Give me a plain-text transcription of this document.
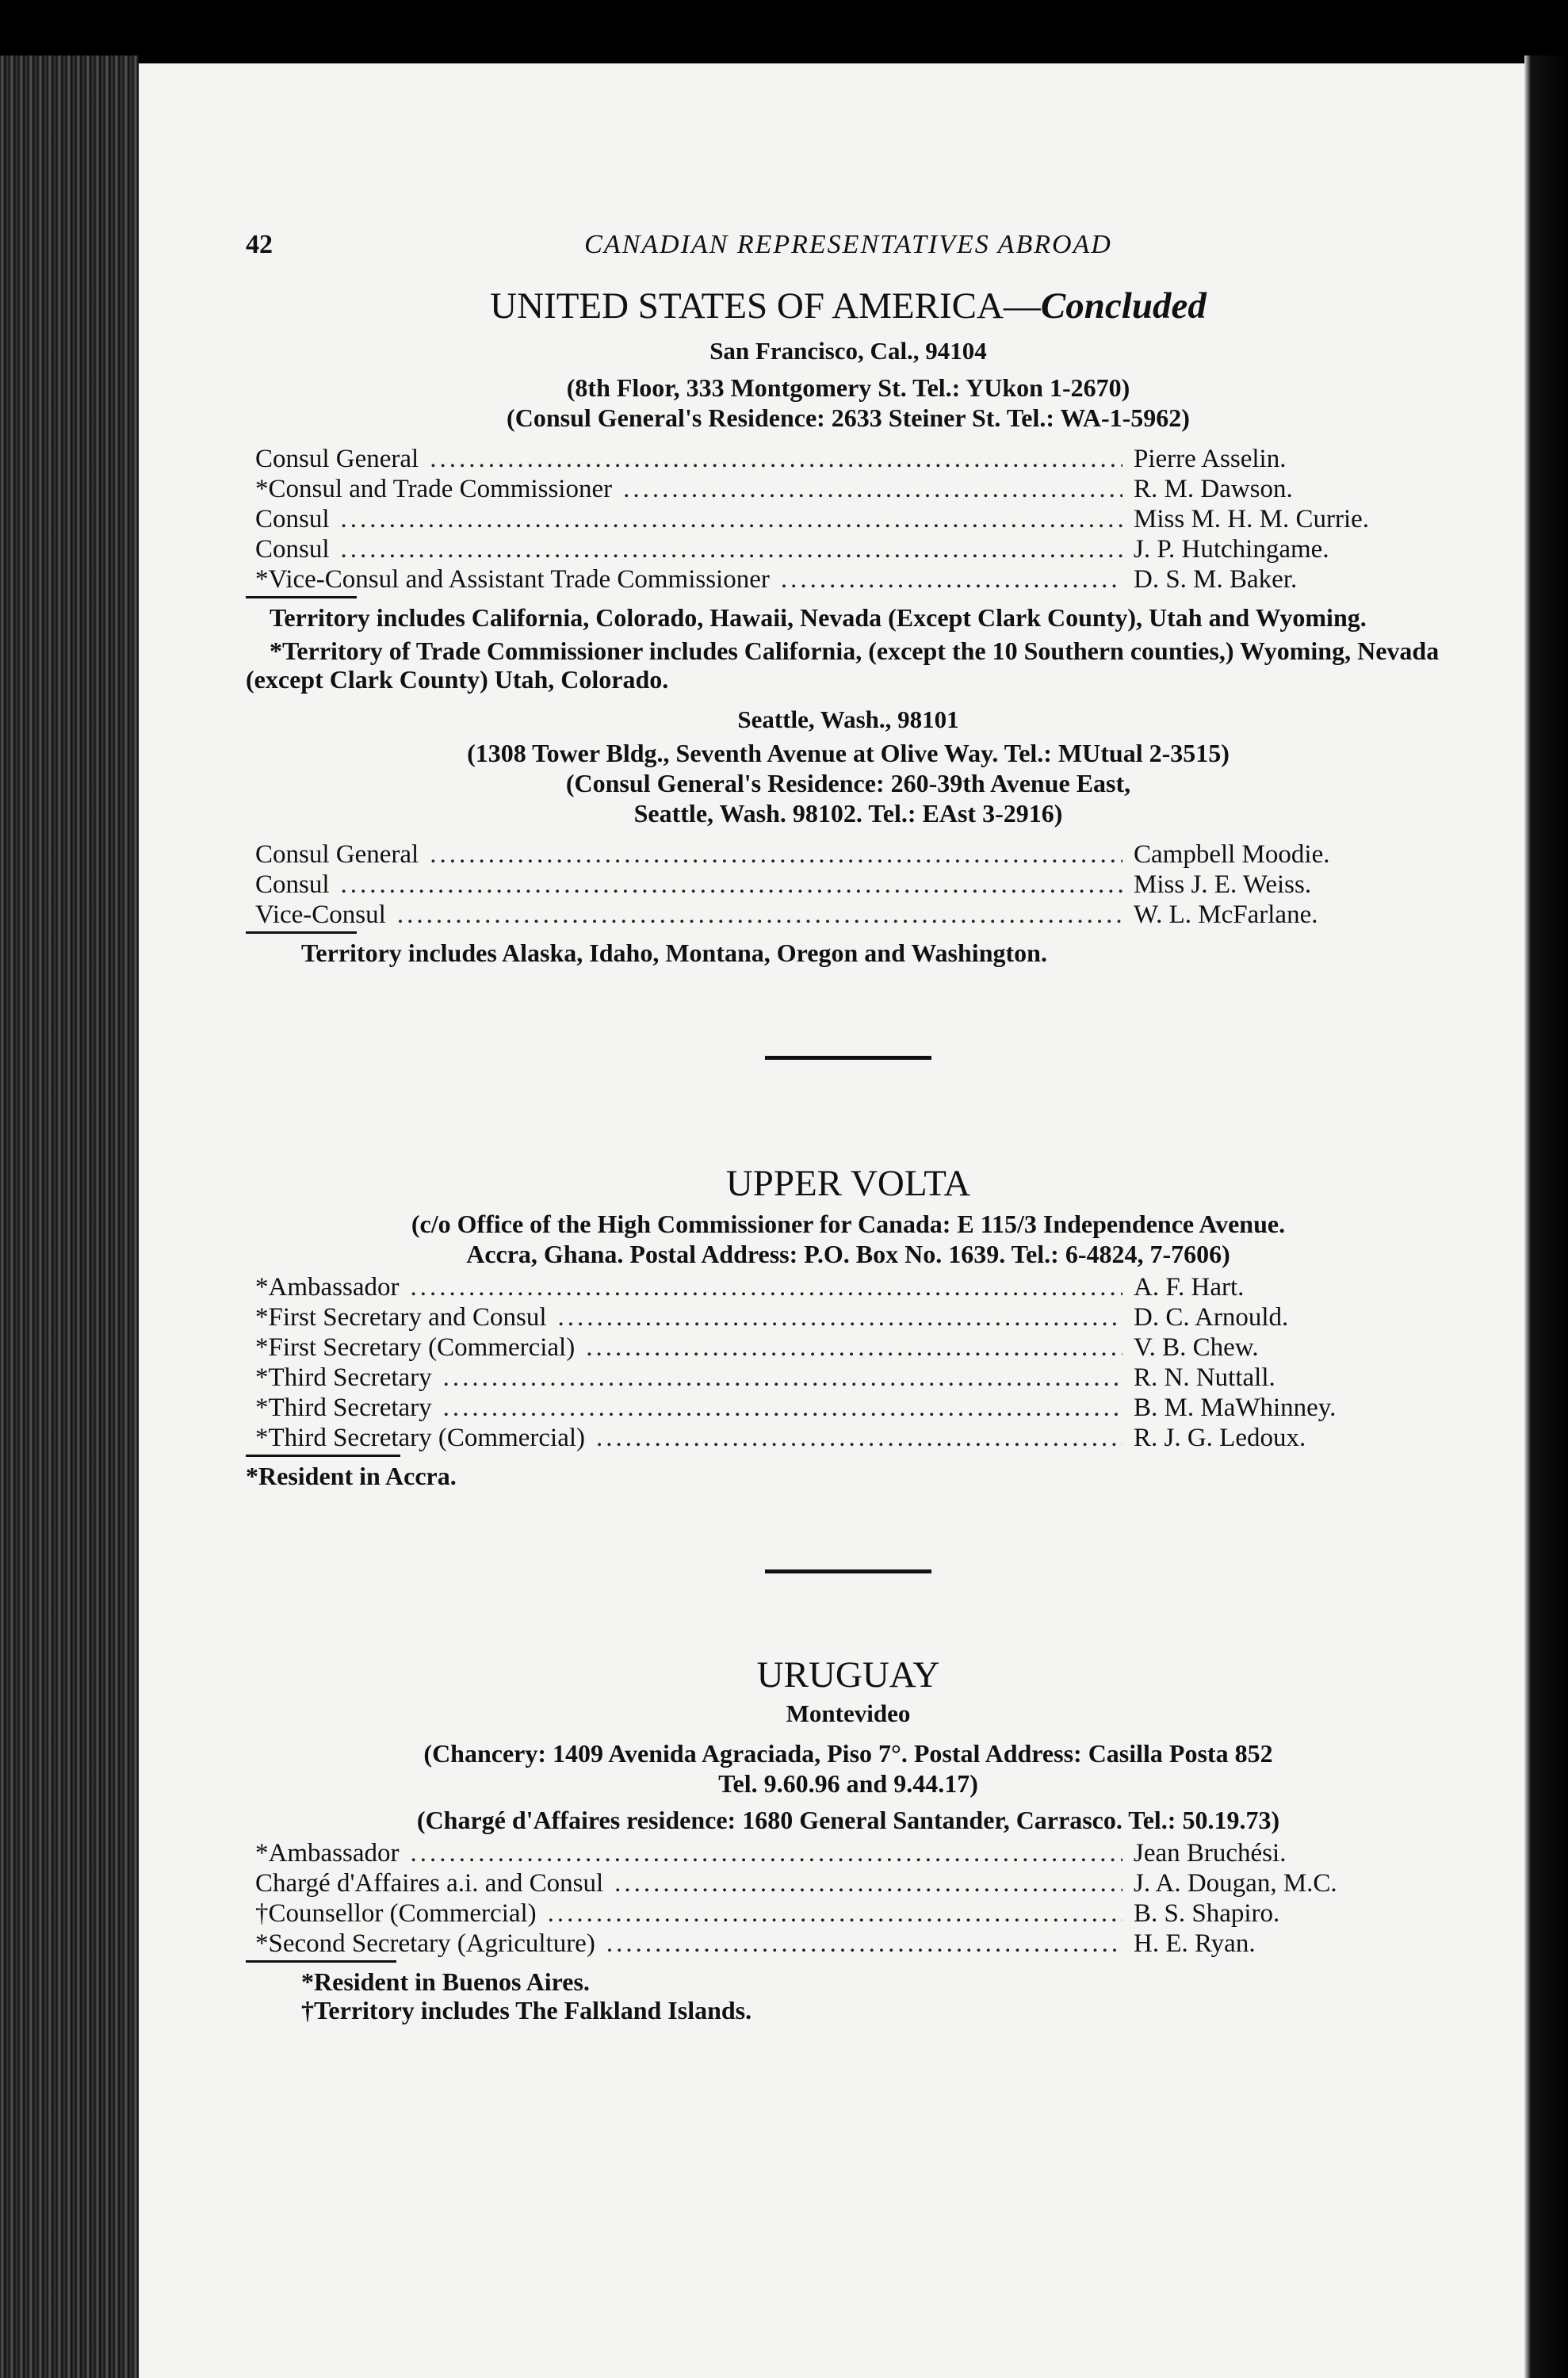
42	CANADIAN REPRESENTATIVES ABROAD
UNITED STATES OF AMERICA—Concluded
San Francisco, Cal., 94104
(8th Floor, 333 Montgomery St. Tel.: YUkon 1-2670)
(Consul General's Residence: 2633 Steiner St. Tel.: WA-1-5962)
Consul General .....	Pierre Asselin.
*Consul and Trade Commissioner .....	R. M. Dawson.
Consul .....	Miss M. H. M. Currie.
Consul .....	J. P. Hutchingame.
*Vice-Consul and Assistant Trade Commissioner .....	D. S. M. Baker.
Territory includes California, Colorado, Hawaii, Nevada (Except Clark County), Utah and Wyoming.
*Territory of Trade Commissioner includes California, (except the 10 Southern counties,) Wyoming, Nevada (except Clark County) Utah, Colorado.
Seattle, Wash., 98101
(1308 Tower Bldg., Seventh Avenue at Olive Way. Tel.: MUtual 2-3515)
(Consul General's Residence: 260-39th Avenue East,
Seattle, Wash. 98102. Tel.: EAst 3-2916)
Consul General .....	Campbell Moodie.
Consul .....	Miss J. E. Weiss.
Vice-Consul .....	W. L. McFarlane.
Territory includes Alaska, Idaho, Montana, Oregon and Washington.
UPPER VOLTA
(c/o Office of the High Commissioner for Canada: E 115/3 Independence Avenue.
Accra, Ghana. Postal Address: P.O. Box No. 1639. Tel.: 6-4824, 7-7606)
*Ambassador .....	A. F. Hart.
*First Secretary and Consul .....	D. C. Arnould.
*First Secretary (Commercial) .....	V. B. Chew.
*Third Secretary .....	R. N. Nuttall.
*Third Secretary .....	B. M. MaWhinney.
*Third Secretary (Commercial) .....	R. J. G. Ledoux.
*Resident in Accra.
URUGUAY
Montevideo
(Chancery: 1409 Avenida Agraciada, Piso 7°. Postal Address: Casilla Posta 852
Tel. 9.60.96 and 9.44.17)
(Chargé d'Affaires residence: 1680 General Santander, Carrasco. Tel.: 50.19.73)
*Ambassador .....	Jean Bruchési.
Chargé d'Affaires a.i. and Consul .....	J. A. Dougan, M.C.
†Counsellor (Commercial) .....	B. S. Shapiro.
*Second Secretary (Agriculture) .....	H. E. Ryan.
*Resident in Buenos Aires.
†Territory includes The Falkland Islands.
